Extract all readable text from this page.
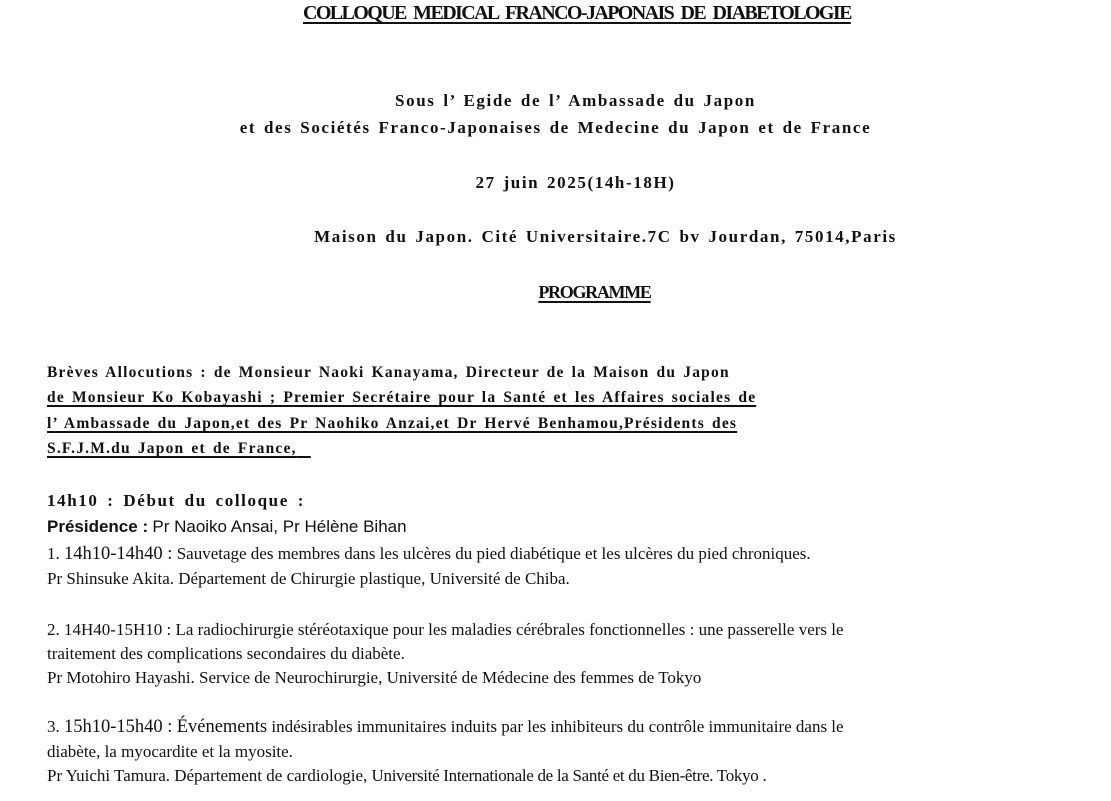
COLLOQUE MEDICAL FRANCO-JAPONAIS DE DIABETOLOGIE
Sous l’ Egide de l’ Ambassade du Japon
et des Sociétés Franco-Japonaises de Medecine du Japon et de France
27 juin 2025(14h-18H)
Maison du Japon. Cité Universitaire.7C bv Jourdan, 75014,Paris
PROGRAMME
Brèves Allocutions : de Monsieur Naoki Kanayama, Directeur de la Maison du Japon
de Monsieur Ko Kobayashi ; Premier Secrétaire pour la Santé et les Affaires sociales de
l’ Ambassade du Japon,et des Pr Naohiko Anzai,et Dr Hervé Benhamou,Présidents des
S.F.J.M.du Japon et de France,
14h10 : Début du colloque :
Présidence : Pr Naoiko Ansai, Pr Hélène Bihan
1. 14h10-14h40 : Sauvetage des membres dans les ulcères du pied diabétique et les ulcères du pied chroniques.
Pr Shinsuke Akita. Département de Chirurgie plastique, Université de Chiba.
2. 14H40-15H10 : La radiochirurgie stéréotaxique pour les maladies cérébrales fonctionnelles : une passerelle vers le
traitement des complications secondaires du diabète.
Pr Motohiro Hayashi. Service de Neurochirurgie, Université de Médecine des femmes de Tokyo
3. 15h10-15h40 : Événements indésirables immunitaires induits par les inhibiteurs du contrôle immunitaire dans le
diabète, la myocardite et la myosite.
Pr Yuichi Tamura. Département de cardiologie, Université Internationale de la Santé et du Bien-être. Tokyo .
